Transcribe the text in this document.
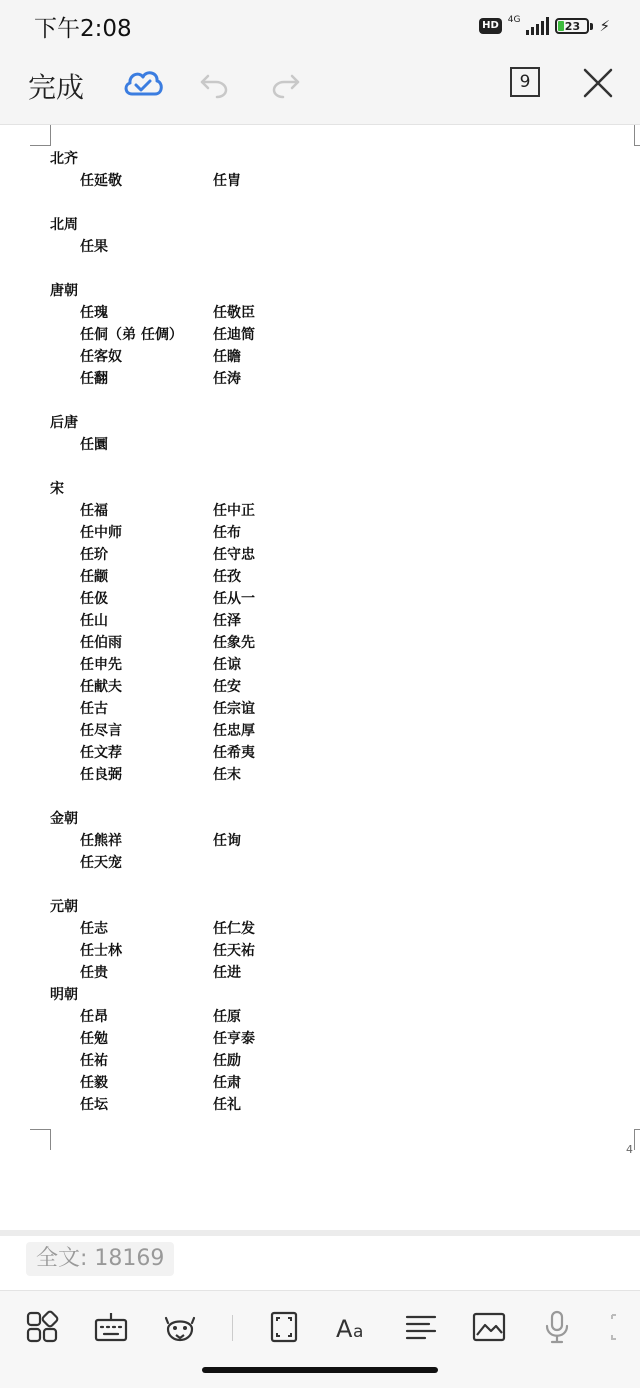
下午2:08	HD	4G	23	⚡
完成	9
4
北齐
任延敬	任胄
北周
任果
唐朝
任瑰	任敬臣
任侗（弟 任倜）	任迪简
任客奴	任瞻
任翻	任涛
后唐
任圜
宋
任福	任中正
任中师	任布
任玠	任守忠
任颛	任孜
任伋	任从一
任山	任泽
任伯雨	任象先
任申先	任谅
任献夫	任安
任古	任宗谊
任尽言	任忠厚
任文荐	任希夷
任良弼	任末
金朝
任熊祥	任询
任天宠
元朝
任志	任仁发
任士林	任天祐
任贵	任进
明朝
任昂	任原
任勉	任亨泰
任祐	任励
任毅	任肃
任坛	任礼
全文: 18169
A a
